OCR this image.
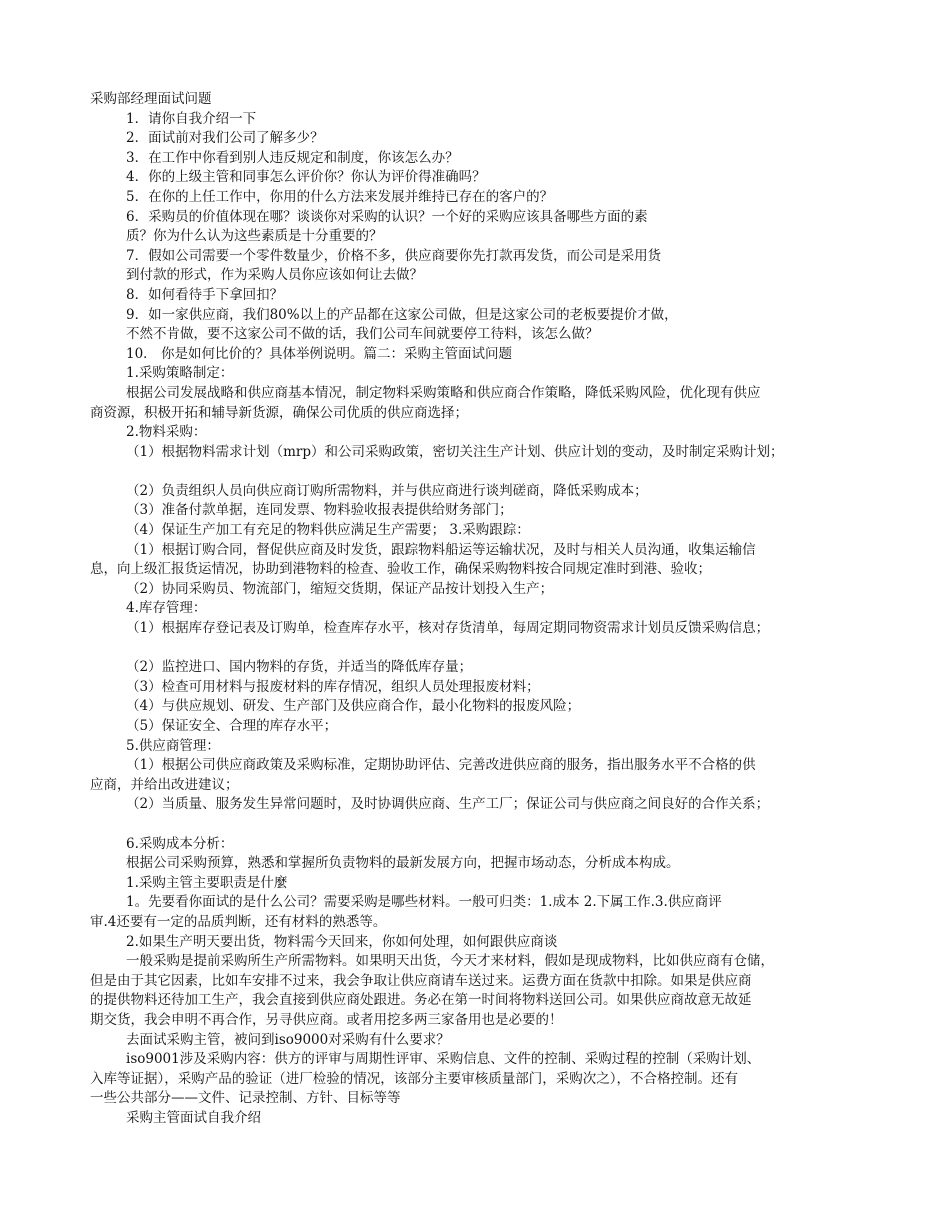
采购部经理面试问题
1．请你自我介绍一下
2．面试前对我们公司了解多少？
3．在工作中你看到别人违反规定和制度，你该怎么办？
4．你的上级主管和同事怎么评价你？你认为评价得准确吗？
5．在你的上任工作中，你用的什么方法来发展并维持已存在的客户的？
6．采购员的价值体现在哪？谈谈你对采购的认识？一个好的采购应该具备哪些方面的素
质？你为什么认为这些素质是十分重要的？
7．假如公司需要一个零件数量少，价格不多，供应商要你先打款再发货，而公司是采用货
到付款的形式，作为采购人员你应该如何让去做？
8．如何看待手下拿回扣？
9．如一家供应商，我们80%以上的产品都在这家公司做，但是这家公司的老板要提价才做，
不然不肯做，要不这家公司不做的话，我们公司车间就要停工待料，该怎么做？
10． 你是如何比价的？具体举例说明。篇二：采购主管面试问题
1.采购策略制定：
根据公司发展战略和供应商基本情况，制定物料采购策略和供应商合作策略，降低采购风险，优化现有供应
商资源，积极开拓和辅导新货源，确保公司优质的供应商选择；
2.物料采购：
（1）根据物料需求计划（mrp）和公司采购政策，密切关注生产计划、供应计划的变动，及时制定采购计划；
（2）负责组织人员向供应商订购所需物料，并与供应商进行谈判磋商，降低采购成本；
（3）准备付款单据，连同发票、物料验收报表提供给财务部门；
（4）保证生产加工有充足的物料供应满足生产需要； 3.采购跟踪：
（1）根据订购合同，督促供应商及时发货，跟踪物料船运等运输状况，及时与相关人员沟通，收集运输信
息，向上级汇报货运情况，协助到港物料的检查、验收工作，确保采购物料按合同规定准时到港、验收；
（2）协同采购员、物流部门，缩短交货期，保证产品按计划投入生产；
4.库存管理：
（1）根据库存登记表及订购单，检查库存水平，核对存货清单，每周定期同物资需求计划员反馈采购信息；
（2）监控进口、国内物料的存货，并适当的降低库存量；
（3）检查可用材料与报废材料的库存情况，组织人员处理报废材料；
（4）与供应规划、研发、生产部门及供应商合作，最小化物料的报废风险；
（5）保证安全、合理的库存水平；
5.供应商管理：
（1）根据公司供应商政策及采购标准，定期协助评估、完善改进供应商的服务，指出服务水平不合格的供
应商，并给出改进建议；
（2）当质量、服务发生异常问题时，及时协调供应商、生产工厂；保证公司与供应商之间良好的合作关系；
6.采购成本分析：
根据公司采购预算，熟悉和掌握所负责物料的最新发展方向，把握市场动态，分析成本构成。
1.采购主管主要职责是什麼
1。先要看你面试的是什么公司？需要采购是哪些材料。一般可归类：1.成本 2.下属工作.3.供应商评
审.4还要有一定的品质判断，还有材料的熟悉等。
2.如果生产明天要出货，物料需今天回来，你如何处理，如何跟供应商谈
一般采购是提前采购所生产所需物料。如果明天出货，今天才来材料，假如是现成物料，比如供应商有仓储，
但是由于其它因素，比如车安排不过来，我会争取让供应商请车送过来。运费方面在货款中扣除。如果是供应商
的提供物料还待加工生产，我会直接到供应商处跟进。务必在第一时间将物料送回公司。如果供应商故意无故延
期交货，我会申明不再合作，另寻供应商。或者用挖多两三家备用也是必要的！
去面试采购主管，被问到iso9000对采购有什么要求？
iso9001涉及采购内容：供方的评审与周期性评审、采购信息、文件的控制、采购过程的控制（采购计划、
入库等证据），采购产品的验证（进厂检验的情况，该部分主要审核质量部门，采购次之），不合格控制。还有
一些公共部分——文件、记录控制、方针、目标等等
采购主管面试自我介绍
